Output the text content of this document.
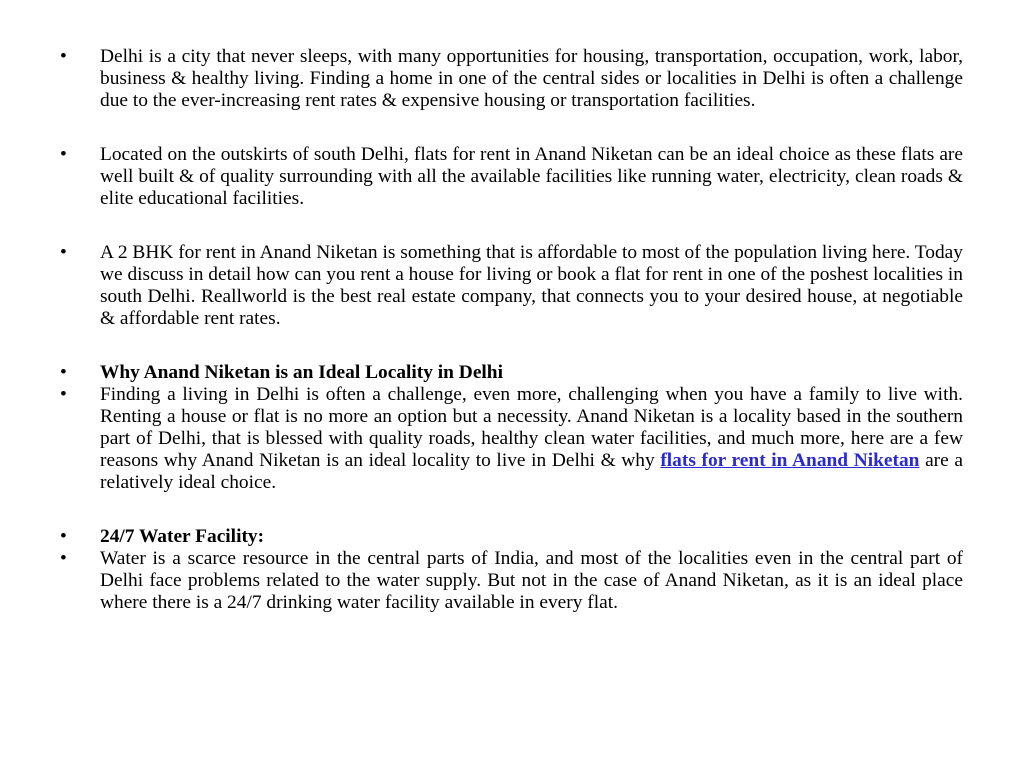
•	Delhi is a city that never sleeps, with many opportunities for housing, transportation, occupation, work, labor, business & healthy living. Finding a home in one of the central sides or localities in Delhi is often a challenge due to the ever-increasing rent rates & expensive housing or transportation facilities.
•	Located on the outskirts of south Delhi, flats for rent in Anand Niketan can be an ideal choice as these flats are well built & of quality surrounding with all the available facilities like running water, electricity, clean roads & elite educational facilities.
•	A 2 BHK for rent in Anand Niketan is something that is affordable to most of the population living here. Today we discuss in detail how can you rent a house for living or book a flat for rent in one of the poshest localities in south Delhi. Reallworld is the best real estate company, that connects you to your desired house, at negotiable & affordable rent rates.
•	Why Anand Niketan is an Ideal Locality in Delhi
•	Finding a living in Delhi is often a challenge, even more, challenging when you have a family to live with. Renting a house or flat is no more an option but a necessity. Anand Niketan is a locality based in the southern part of Delhi, that is blessed with quality roads, healthy clean water facilities, and much more, here are a few reasons why Anand Niketan is an ideal locality to live in Delhi & why flats for rent in Anand Niketan are a relatively ideal choice.
•	24/7 Water Facility:
•	Water is a scarce resource in the central parts of India, and most of the localities even in the central part of Delhi face problems related to the water supply. But not in the case of Anand Niketan, as it is an ideal place where there is a 24/7 drinking water facility available in every flat.
